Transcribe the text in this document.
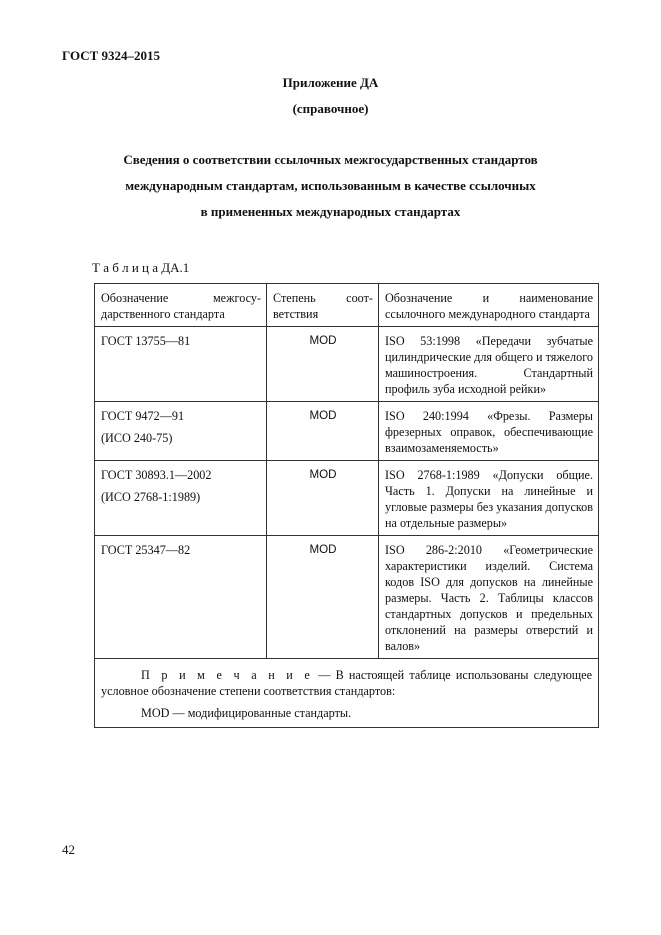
ГОСТ 9324–2015
Приложение ДА
(справочное)
Сведения о соответствии ссылочных межгосударственных стандартов
международным стандартам, использованным в качестве ссылочных
в примененных международных стандартах
Т а б л и ц а ДА.1
Обозначение межгосу-дарственного стандарта	Степень соот-ветствия	Обозначение и наименование ссылочного международного стандарта

ГОСТ 13755—81	MOD	ISO 53:1998 «Передачи зубчатые цилиндрические для общего и тяжелого машиностроения. Стандартный профиль зуба исходной рейки»

ГОСТ 9472—91
(ИСО 240-75)	MOD	ISO 240:1994 «Фрезы. Размеры фрезерных оправок, обеспечивающие взаимозаменяемость»

ГОСТ 30893.1—2002
(ИСО 2768-1:1989)	MOD	ISO 2768-1:1989 «Допуски общие. Часть 1. Допуски на линейные и угловые размеры без указания допусков на отдельные размеры»

ГОСТ 25347—82	MOD	ISO 286-2:2010 «Геометрические характеристики изделий. Система кодов ISO для допусков на линейные размеры. Часть 2. Таблицы классов стандартных допусков и предельных отклонений на размеры отверстий и валов»

П р и м е ч а н и е — В настоящей таблице использованы следующее условное обозначение степени соответствия стандартов:
MOD — модифицированные стандарты.		
42
